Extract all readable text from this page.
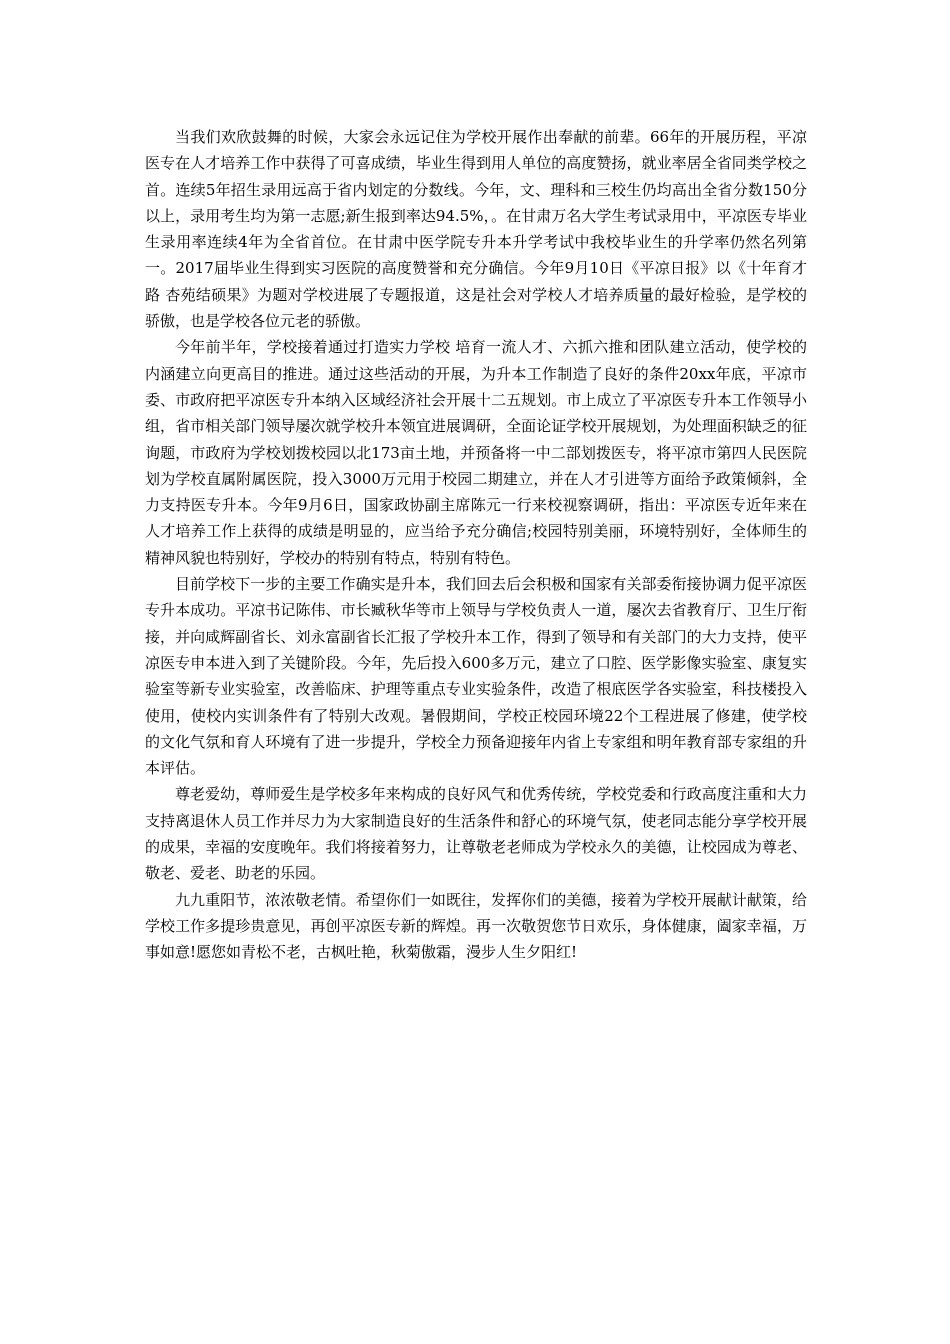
当我们欢欣鼓舞的时候，大家会永远记住为学校开展作出奉献的前辈。66年的开展历程，平凉医专在人才培养工作中获得了可喜成绩，毕业生得到用人单位的高度赞扬，就业率居全省同类学校之首。连续5年招生录用远高于省内划定的分数线。今年，文、理科和三校生仍均高出全省分数150分以上，录用考生均为第一志愿;新生报到率达94.5%，。在甘肃万名大学生考试录用中，平凉医专毕业生录用率连续4年为全省首位。在甘肃中医学院专升本升学考试中我校毕业生的升学率仍然名列第一。2017届毕业生得到实习医院的高度赞誉和充分确信。今年9月10日《平凉日报》以《十年育才路 杏苑结硕果》为题对学校进展了专题报道，这是社会对学校人才培养质量的最好检验，是学校的骄傲，也是学校各位元老的骄傲。

今年前半年，学校接着通过打造实力学校 培育一流人才、六抓六推和团队建立活动，使学校的内涵建立向更高目的推进。通过这些活动的开展，为升本工作制造了良好的条件20xx年底，平凉市委、市政府把平凉医专升本纳入区域经济社会开展十二五规划。市上成立了平凉医专升本工作领导小组，省市相关部门领导屡次就学校升本领宜进展调研，全面论证学校开展规划，为处理面积缺乏的征询题，市政府为学校划拨校园以北173亩土地，并预备将一中二部划拨医专，将平凉市第四人民医院划为学校直属附属医院，投入3000万元用于校园二期建立，并在人才引进等方面给予政策倾斜，全力支持医专升本。今年9月6日，国家政协副主席陈元一行来校视察调研，指出：平凉医专近年来在人才培养工作上获得的成绩是明显的，应当给予充分确信;校园特别美丽，环境特别好，全体师生的精神风貌也特别好，学校办的特别有特点，特别有特色。

目前学校下一步的主要工作确实是升本，我们回去后会积极和国家有关部委衔接协调力促平凉医专升本成功。平凉书记陈伟、市长臧秋华等市上领导与学校负责人一道，屡次去省教育厅、卫生厅衔接，并向咸辉副省长、刘永富副省长汇报了学校升本工作，得到了领导和有关部门的大力支持，使平凉医专申本进入到了关键阶段。今年，先后投入600多万元，建立了口腔、医学影像实验室、康复实验室等新专业实验室，改善临床、护理等重点专业实验条件，改造了根底医学各实验室，科技楼投入使用，使校内实训条件有了特别大改观。暑假期间，学校正校园环境22个工程进展了修建，使学校的文化气氛和育人环境有了进一步提升，学校全力预备迎接年内省上专家组和明年教育部专家组的升本评估。

尊老爱幼，尊师爱生是学校多年来构成的良好风气和优秀传统，学校党委和行政高度注重和大力支持离退休人员工作并尽力为大家制造良好的生活条件和舒心的环境气氛，使老同志能分享学校开展的成果，幸福的安度晚年。我们将接着努力，让尊敬老老师成为学校永久的美德，让校园成为尊老、敬老、爱老、助老的乐园。

九九重阳节，浓浓敬老情。希望你们一如既往，发挥你们的美德，接着为学校开展献计献策，给学校工作多提珍贵意见，再创平凉医专新的辉煌。再一次敬贺您节日欢乐，身体健康，阖家幸福，万事如意!愿您如青松不老，古枫吐艳，秋菊傲霜，漫步人生夕阳红!
